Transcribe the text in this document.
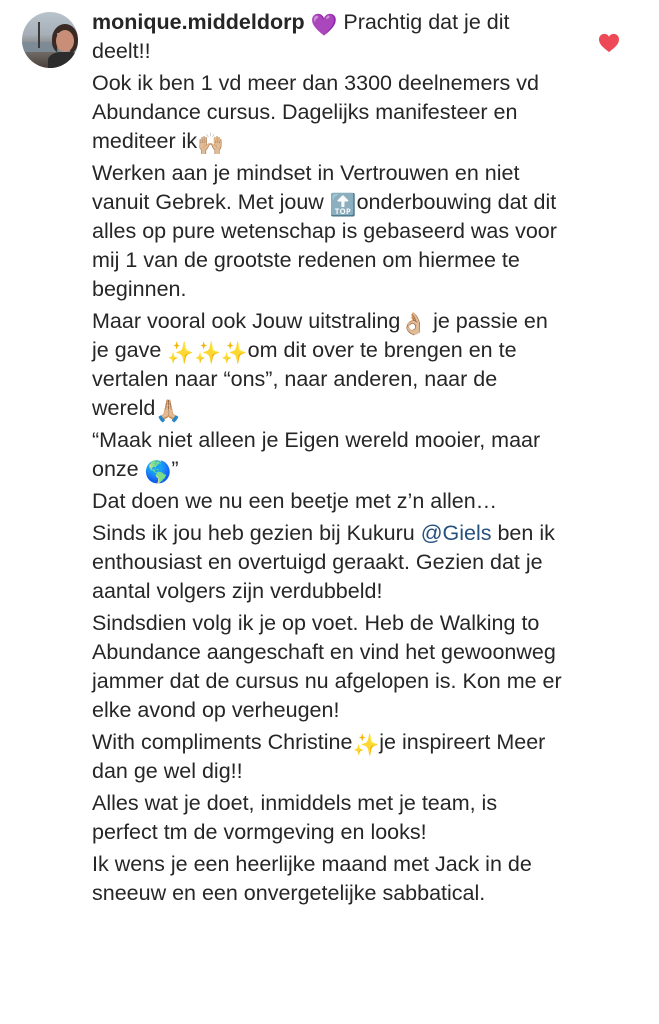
monique.middeldorp 💜 Prachtig dat je dit deelt!!
Ook ik ben 1 vd meer dan 3300 deelnemers vd Abundance cursus. Dagelijks manifesteer en mediteer ik🙌🏼
Werken aan je mindset in Vertrouwen en niet vanuit Gebrek. Met jouw 🔝onderbouwing dat dit alles op pure wetenschap is gebaseerd was voor mij 1 van de grootste redenen om hiermee te beginnen.
Maar vooral ook Jouw uitstraling👌🏼 je passie en je gave ✨✨✨om dit over te brengen en te vertalen naar “ons”, naar anderen, naar de wereld🙏🏼
“Maak niet alleen je Eigen wereld mooier, maar onze 🌎”
Dat doen we nu een beetje met z’n allen…
Sinds ik jou heb gezien bij Kukuru @Giels ben ik enthousiast en overtuigd geraakt. Gezien dat je aantal volgers zijn verdubbeld!
Sindsdien volg ik je op voet. Heb de Walking to Abundance aangeschaft en vind het gewoonweg jammer dat de cursus nu afgelopen is. Kon me er elke avond op verheugen!
With compliments Christine✨je inspireert Meer dan ge wel dig!!
Alles wat je doet, inmiddels met je team, is perfect tm de vormgeving en looks!
Ik wens je een heerlijke maand met Jack in de sneeuw en een onvergetelijke sabbatical.
